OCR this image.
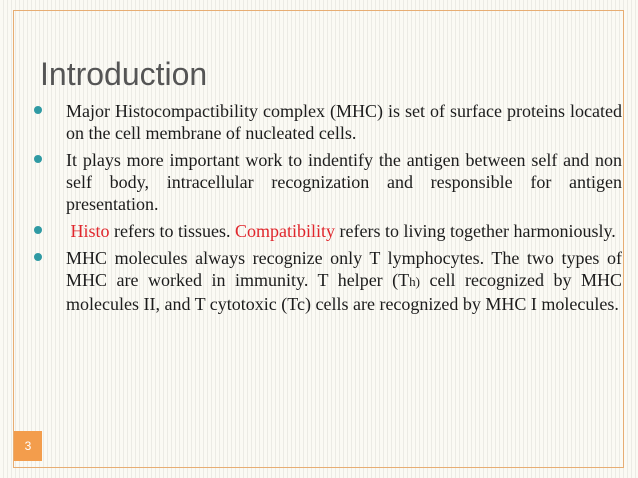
Introduction
Major Histocompactibility complex (MHC) is set of surface proteins located on the cell membrane of nucleated cells.
It plays more important work to indentify the antigen between self and non self body, intracellular recognization and responsible for antigen presentation.
Histo refers to tissues. Compatibility refers to living together harmoniously.
MHC molecules always recognize only T lymphocytes. The two types of MHC are worked in immunity. T helper (Th) cell recognized by MHC molecules II, and T cytotoxic (Tc) cells are recognized by MHC I molecules.
3
